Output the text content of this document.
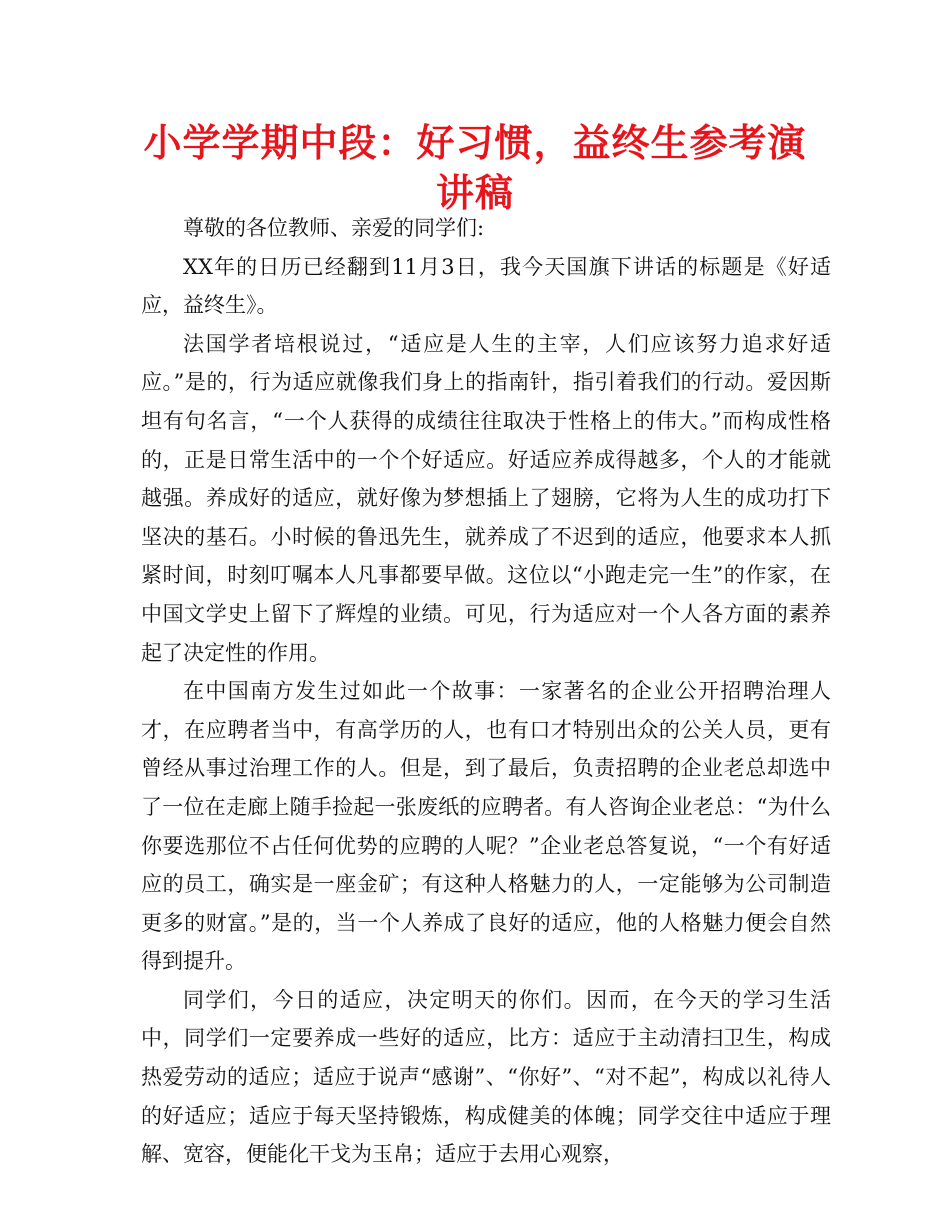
小学学期中段：好习惯，益终生参考演讲稿

尊敬的各位教师、亲爱的同学们:

XX年的日历已经翻到11月3日，我今天国旗下讲话的标题是《好适应，益终生》。

法国学者培根说过，“适应是人生的主宰，人们应该努力追求好适应。”是的，行为适应就像我们身上的指南针，指引着我们的行动。爱因斯坦有句名言，“一个人获得的成绩往往取决于性格上的伟大。”而构成性格的，正是日常生活中的一个个好适应。好适应养成得越多，个人的才能就越强。养成好的适应，就好像为梦想插上了翅膀，它将为人生的成功打下坚决的基石。小时候的鲁迅先生，就养成了不迟到的适应，他要求本人抓紧时间，时刻叮嘱本人凡事都要早做。这位以“小跑走完一生”的作家，在中国文学史上留下了辉煌的业绩。可见，行为适应对一个人各方面的素养起了决定性的作用。

在中国南方发生过如此一个故事：一家著名的企业公开招聘治理人才，在应聘者当中，有高学历的人，也有口才特别出众的公关人员，更有曾经从事过治理工作的人。但是，到了最后，负责招聘的企业老总却选中了一位在走廊上随手捡起一张废纸的应聘者。有人咨询企业老总：“为什么你要选那位不占任何优势的应聘的人呢？”企业老总答复说，“一个有好适应的员工，确实是一座金矿；有这种人格魅力的人，一定能够为公司制造更多的财富。”是的，当一个人养成了良好的适应，他的人格魅力便会自然得到提升。

同学们，今日的适应，决定明天的你们。因而，在今天的学习生活中，同学们一定要养成一些好的适应，比方：适应于主动清扫卫生，构成热爱劳动的适应；适应于说声“感谢”、“你好”、“对不起”，构成以礼待人的好适应；适应于每天坚持锻炼，构成健美的体魄；同学交往中适应于理解、宽容，便能化干戈为玉帛；适应于去用心观察，
